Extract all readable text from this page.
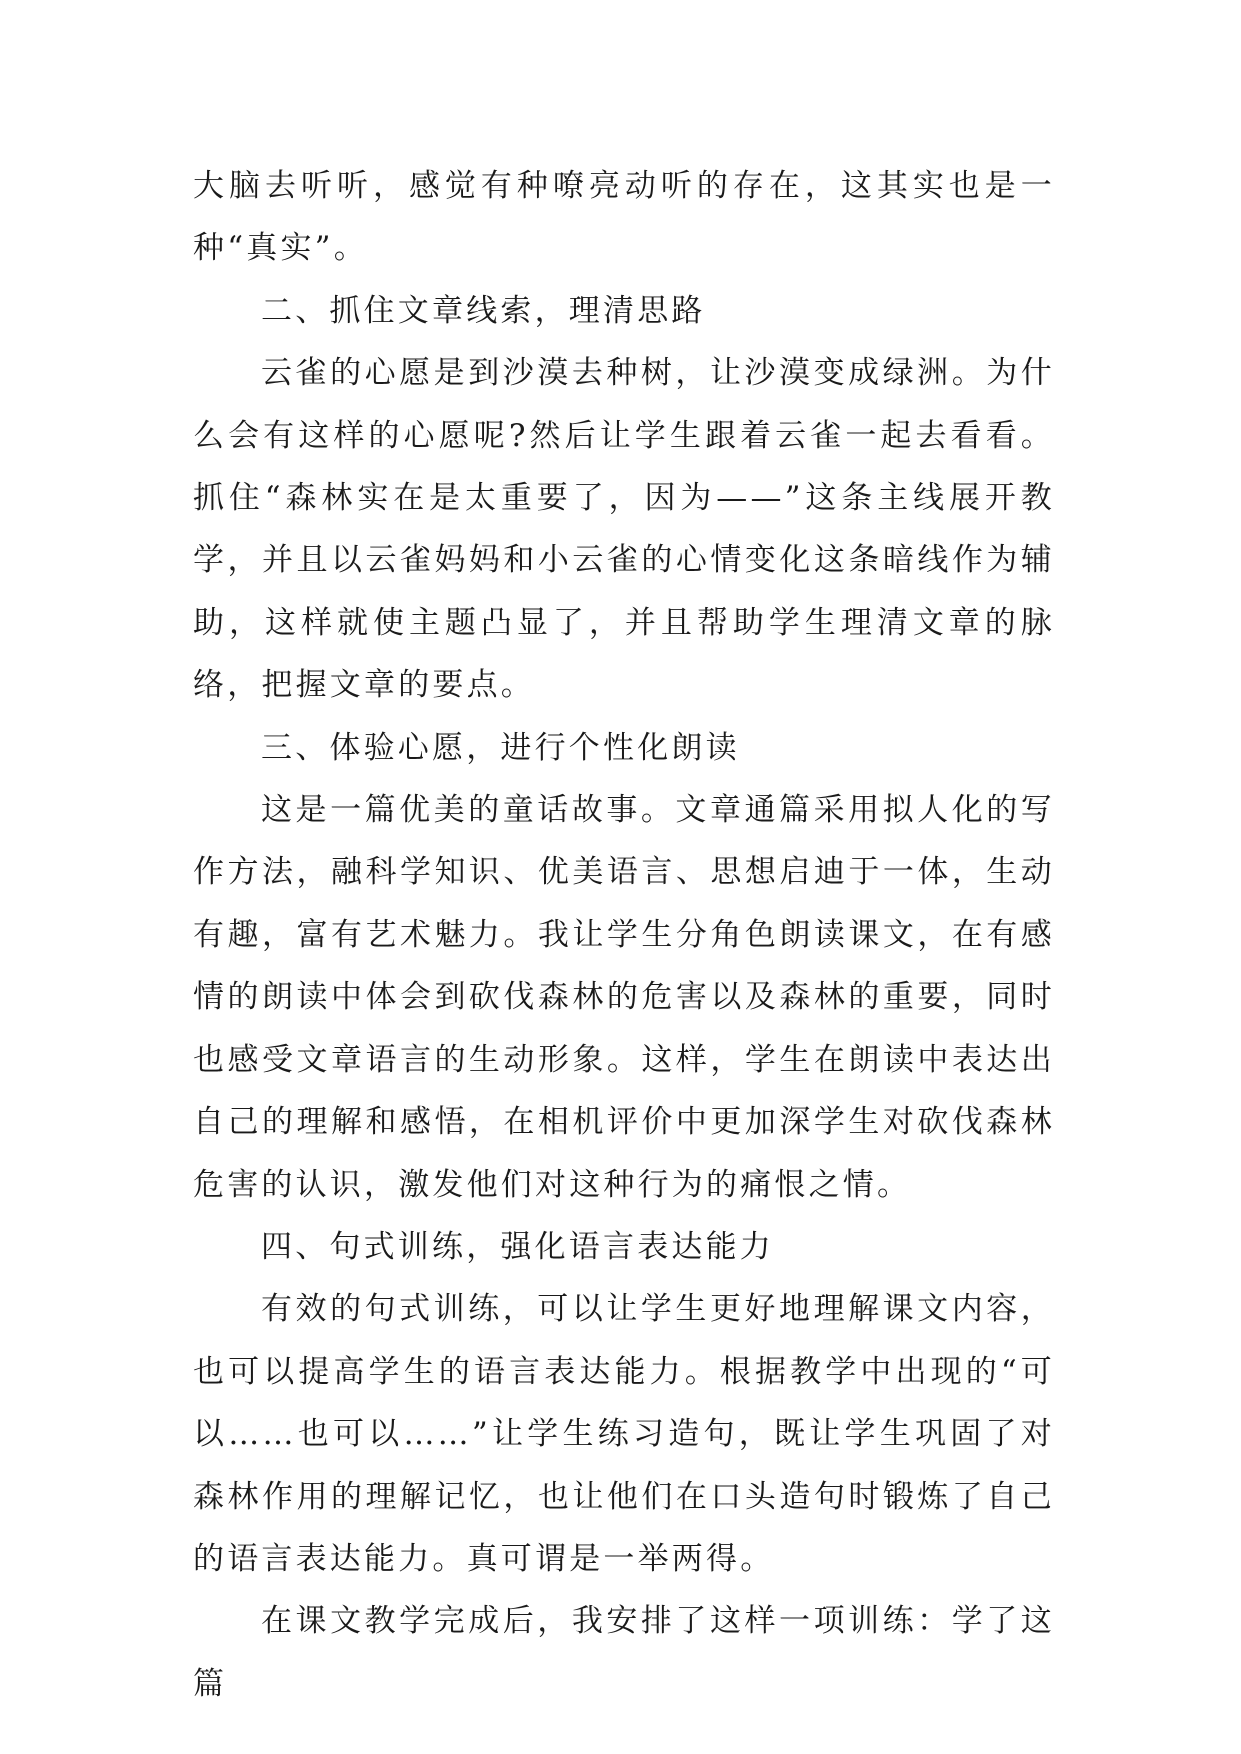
大脑去听听，感觉有种嘹亮动听的存在，这其实也是一种“真实”。

二、抓住文章线索，理清思路

云雀的心愿是到沙漠去种树，让沙漠变成绿洲。为什么会有这样的心愿呢?然后让学生跟着云雀一起去看看。抓住“森林实在是太重要了，因为——”这条主线展开教学，并且以云雀妈妈和小云雀的心情变化这条暗线作为辅助，这样就使主题凸显了，并且帮助学生理清文章的脉络，把握文章的要点。

三、体验心愿，进行个性化朗读

这是一篇优美的童话故事。文章通篇采用拟人化的写作方法，融科学知识、优美语言、思想启迪于一体，生动有趣，富有艺术魅力。我让学生分角色朗读课文，在有感情的朗读中体会到砍伐森林的危害以及森林的重要，同时也感受文章语言的生动形象。这样，学生在朗读中表达出自己的理解和感悟，在相机评价中更加深学生对砍伐森林危害的认识，激发他们对这种行为的痛恨之情。

四、句式训练，强化语言表达能力

有效的句式训练，可以让学生更好地理解课文内容，也可以提高学生的语言表达能力。根据教学中出现的“可以……也可以……”让学生练习造句，既让学生巩固了对森林作用的理解记忆，也让他们在口头造句时锻炼了自己的语言表达能力。真可谓是一举两得。

在课文教学完成后，我安排了这样一项训练：学了这篇
